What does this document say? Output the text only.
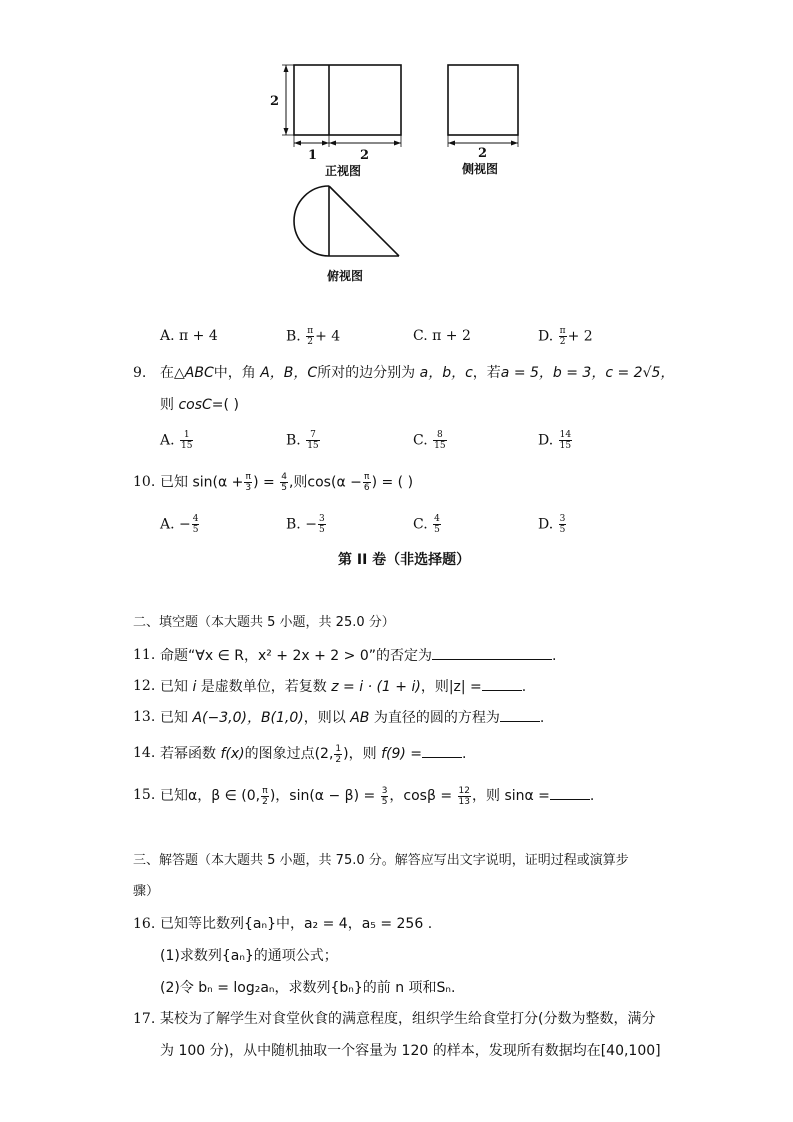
2
1	2
正视图
2
侧视图
俯视图
A. π + 4	B. $\frac{\pi}{2} + 4$	C. π + 2	D. $\frac{\pi}{2} + 2$
9. 在△ABC中，角 A，B，C所对的边分别为 a，b，c，若a = 5，b = 3，c = 2√5，
则 cosC=( )
A. $\frac{1}{15}$	B. $\frac{7}{15}$	C. $\frac{8}{15}$	D. $\frac{14}{15}$
10. 已知 $\sin(\alpha + \frac{\pi}{3}$ ) = $\frac{4}{5}$ ,则$\cos(\alpha - \frac{\pi}{6}$ ) = ( )
A. − $\frac{4}{5}$	B. − $\frac{3}{5}$	C. $\frac{4}{5}$	D. $\frac{3}{5}$
第 II 卷（非选择题）
二、填空题（本大题共 5 小题，共 25.0 分）
11. 命题“∀x ∈ R，x² + 2x + 2 > 0”的否定为	.
12. 已知 i 是虚数单位，若复数 z = i · (1 + i)，则|z| =	.
13. 已知 A(−3,0)，B(1,0)，则以 AB 为直径的圆的方程为	.
14. 若幂函数 f(x)的图象过点(2, $\frac{1}{2}$ )，则 f(9) =	.
15. 已知α，β ∈ (0, $\frac{\pi}{2}$ )，$\sin(\alpha - \beta) = \frac{3}{5}$ ，$\cos\beta = \frac{12}{13}$ ，则 sinα =	.
三、解答题（本大题共 5 小题，共 75.0 分。解答应写出文字说明，证明过程或演算步
骤）
16. 已知等比数列{aₙ}中，a₂ = 4，a₅ = 256 .
(1)求数列{aₙ}的通项公式；
(2)令 bₙ = log₂aₙ，求数列{bₙ}的前 n 项和Sₙ.
17. 某校为了解学生对食堂伙食的满意程度，组织学生给食堂打分(分数为整数，满分
为 100 分)，从中随机抽取一个容量为 120 的样本，发现所有数据均在[40,100]
